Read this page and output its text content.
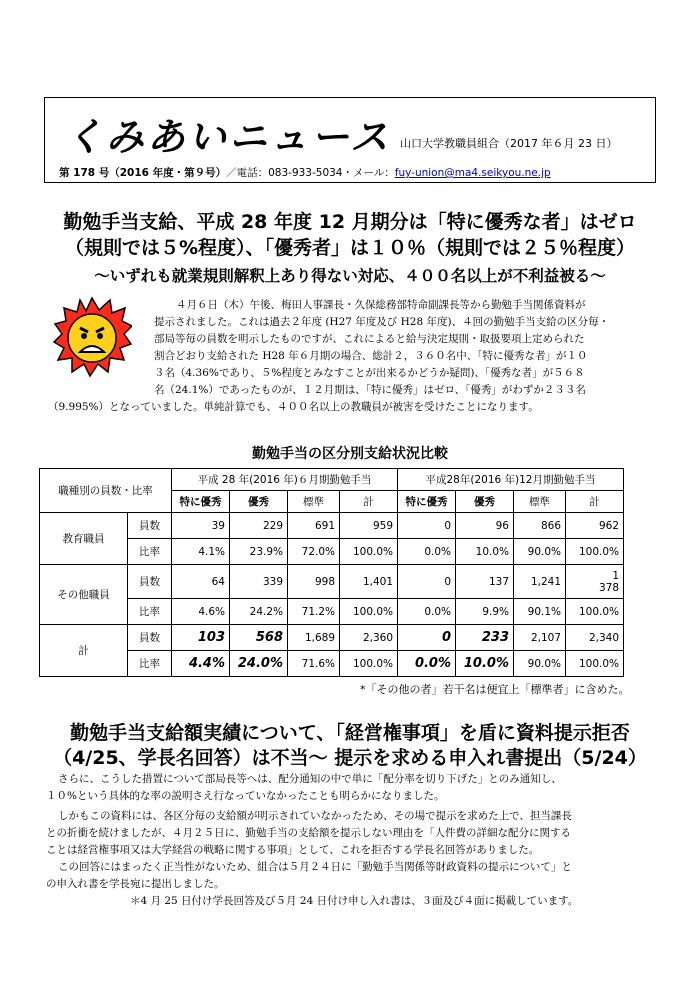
くみあいニュース 山口大学教職員組合（2017 年６月 23 日）
第 178 号（2016 年度・第９号）／電話：083-933-5034・メール：fuy-union@ma4.seikyou.ne.jp
勤勉手当支給、平成 28 年度 12 月期分は「特に優秀な者」はゼロ
（規則では５%程度）、「優秀者」は１０％（規則では２５％程度）
～いずれも就業規則解釈上あり得ない対応、４００名以上が不利益被る～
４月６日（木）午後、梅田人事課長・久保総務部特命副課長等から勤勉手当関係資料が
提示されました。これは過去２年度 (H27 年度及び H28 年度)、４回の勤勉手当支給の区分毎・
部局等毎の員数を明示したものですが、これによると給与決定規則・取扱要項上定められた
割合どおり支給された H28 年６月期の場合、総計２，３６０名中、「特に優秀な者」が１０
３名（4.36%であり、５%程度とみなすことが出来るかどうか疑問)、「優秀な者」が５６８
名（24.1%）であったものが、１２月期は、「特に優秀」はゼロ、「優秀」がわずか２３３名
（9.995%）となっていました。単純計算でも、４００名以上の教職員が被害を受けたことになります。
勤勉手当の区分別支給状況比較
職種別の員数・比率		平成 28 年(2016 年)６月期勤勉手当				平成28年(2016 年)12月期勤勉手当			
		特に優秀	優秀	標準	計	特に優秀	優秀	標準	計
教育職員	員数	39	229	691	959	0	96	866	962
	比率	4.1%	23.9%	72.0%	100.0%	0.0%	10.0%	90.0%	100.0%
その他職員	員数	64	339	998	1,401	0	137	1,241	1
378

	比率	4.6%	24.2%	71.2%	100.0%	0.0%	9.9%	90.1%	100.0%
計	員数	103	568	1,689	2,360	0	233	2,107	2,340
	比率	4.4%	24.0%	71.6%	100.0%	0.0%	10.0%	90.0%	100.0%
*「その他の者」若干名は便宜上「標準者」に含めた。
勤勉手当支給額実績について、「経営権事項」を盾に資料提示拒否
（4/25、学長名回答）は不当～ 提示を求める申入れ書提出（5/24）
さらに、こうした措置について部局長等へは、配分通知の中で単に「配分率を切り下げた」とのみ通知し、
１０%という具体的な率の説明さえ行なっていなかったことも明らかになりました。
しかもこの資料には、各区分毎の支給額が明示されていなかったため、その場で提示を求めた上で、担当課長
との折衝を続けましたが、４月２５日に、勤勉手当の支給額を提示しない理由を「人件費の詳細な配分に関する
ことは経営権事項又は大学経営の戦略に関する事項」として、これを拒否する学長名回答がありました。
この回答にはまったく正当性がないため、組合は５月２４日に「勤勉手当関係等財政資料の提示について」と
の申入れ書を学長宛に提出しました。
＊4 月 25 日付け学長回答及び５月 24 日付け申し入れ書は、３面及び４面に掲載しています。
